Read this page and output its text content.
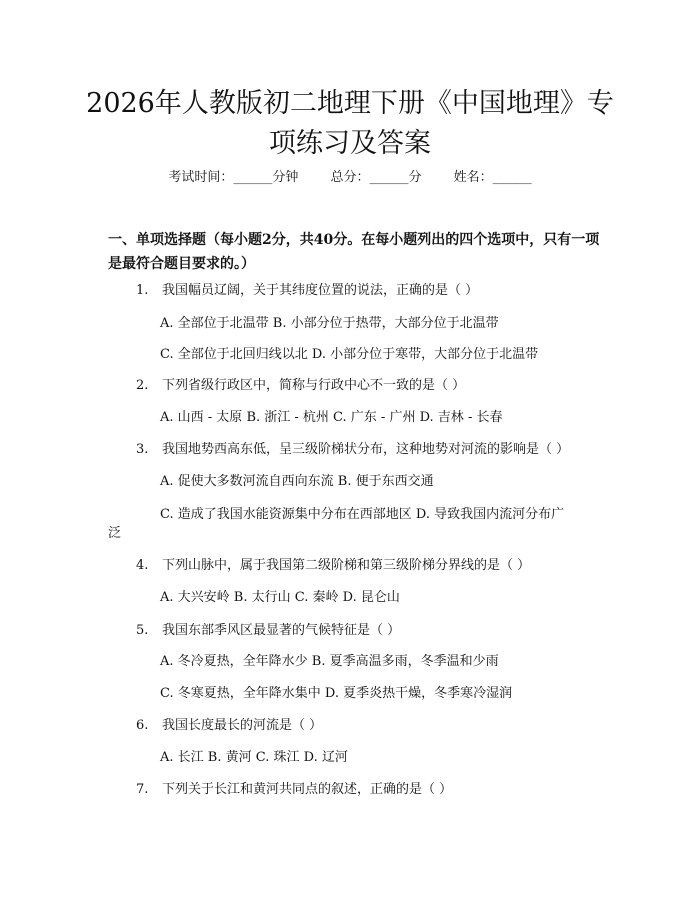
2026年人教版初二地理下册《中国地理》专
项练习及答案
考试时间：______分钟 总分：______分 姓名：______
一、单项选择题（每小题2分，共40分。在每小题列出的四个选项中，只有一项
是最符合题目要求的。）
1. 我国幅员辽阔，关于其纬度位置的说法，正确的是（ ）
A. 全部位于北温带 B. 小部分位于热带，大部分位于北温带
C. 全部位于北回归线以北 D. 小部分位于寒带，大部分位于北温带
2. 下列省级行政区中，简称与行政中心不一致的是（ ）
A. 山西 - 太原 B. 浙江 - 杭州 C. 广东 - 广州 D. 吉林 - 长春
3. 我国地势西高东低，呈三级阶梯状分布，这种地势对河流的影响是（ ）
A. 促使大多数河流自西向东流 B. 便于东西交通
C. 造成了我国水能资源集中分布在西部地区 D. 导致我国内流河分布广
泛
4. 下列山脉中，属于我国第二级阶梯和第三级阶梯分界线的是（ ）
A. 大兴安岭 B. 太行山 C. 秦岭 D. 昆仑山
5. 我国东部季风区最显著的气候特征是（ ）
A. 冬冷夏热，全年降水少 B. 夏季高温多雨，冬季温和少雨
C. 冬寒夏热，全年降水集中 D. 夏季炎热干燥，冬季寒冷湿润
6. 我国长度最长的河流是（ ）
A. 长江 B. 黄河 C. 珠江 D. 辽河
7. 下列关于长江和黄河共同点的叙述，正确的是（ ）
